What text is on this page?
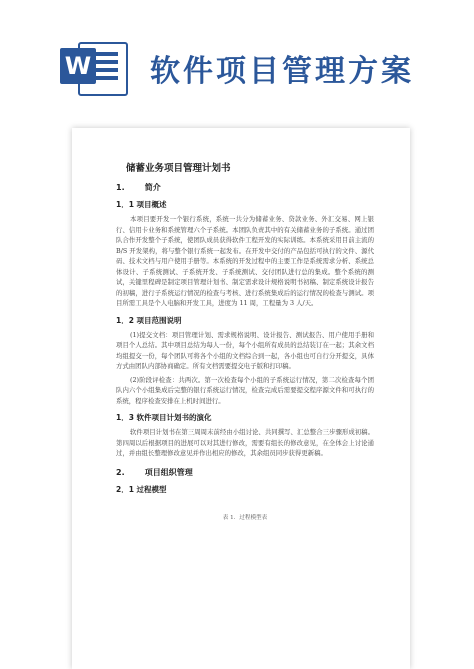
W 软件项目管理方案
储蓄业务项目管理计划书
1.	简介
1．1 项目概述

本项目要开发一个银行系统，系统一共分为储蓄业务、贷款业务、外汇交易、网上银行、信用卡业务和系统管理六个子系统。本团队负责其中的有关储蓄业务的子系统。通过团队合作开发整个子系统，使团队成员获得软件工程开发的实际训练。本系统采用目前主流的 B/S 开发架构，将与整个银行系统一起发布。在开发中交付的产品包括可执行的文件、源代码、技术文档与用户使用手册等。本系统的开发过程中的主要工作是系统需求分析、系统总体设计、子系统测试、子系统开发、子系统测试、交付团队进行总的集成。整个系统的测试，关键里程碑是制定项目管理计划书、制定需求设计规格说明书初稿、制定系统设计报告的初稿，进行子系统运行情况的检查与考核、进行系统集成后的运行情况的检查与测试。项目所需工具是个人电脑和开发工具，进度为 11 周，工程量为 3 人/天。

1．2 项目范围说明

(1)提交文档：项目管理计划、需求规格说明、设计报告、测试报告、用户使用手册和项目个人总结。其中项目总结为每人一份，每个小组所有成员的总结装订在一起；其余文档均组提交一份，每个团队可将各个小组的文档综合到一起，各小组也可自行分开提交，具体方式由团队内部协商确定。所有文档需要提交电子版和打印稿。

(2)阶段评检查：共两次。第一次检查每个小组的子系统运行情况，第二次检查每个团队内六个小组集成后完整的银行系统运行情况，检查完成后需要提交程序源文件和可执行的系统，程序检查安排在上机时间进行。

1．3 软件项目计划书的演化

软件项目计划书在第三周周末前经由小组讨论、共同撰写、汇总整合三步骤形成初稿。第四周以后根据项目的进展可以对其进行修改，需要有组长的修改意见，在全体会上讨论通过，并由组长整理修改意见并作出相应的修改，其余组员同步获得更新稿。

2.	项目组织管理
2．1 过程模型
表 1．过程模型表
